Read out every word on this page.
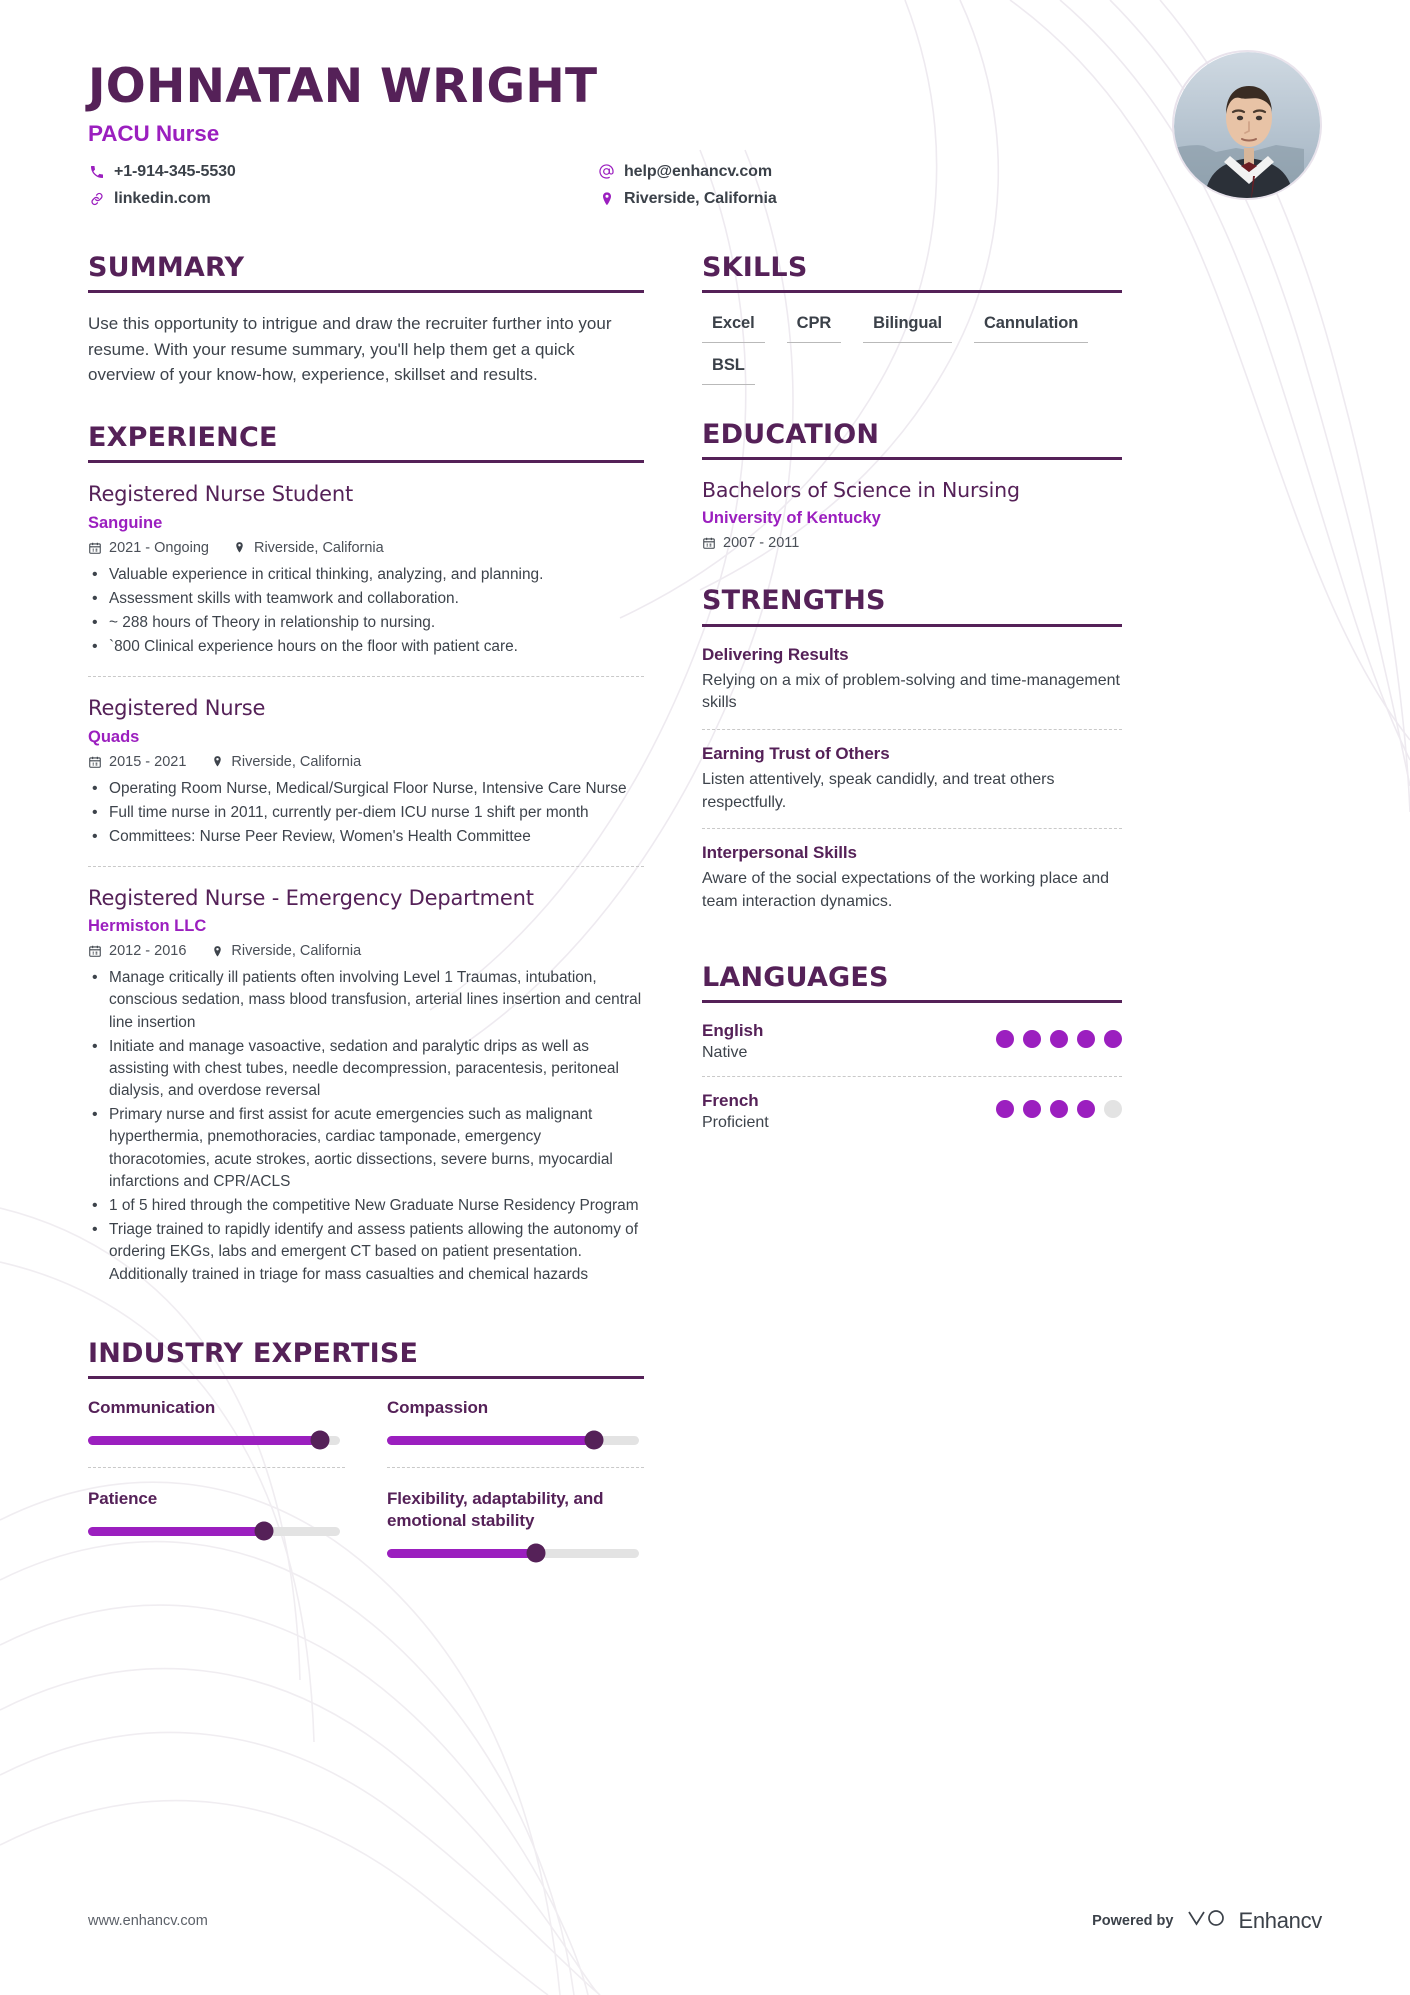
JOHNATAN WRIGHT
PACU Nurse
+1-914-345-5530	help@enhancv.com
linkedin.com	Riverside, California
SUMMARY
Use this opportunity to intrigue and draw the recruiter further into your resume. With your resume summary, you'll help them get a quick overview of your know-how, experience, skillset and results.
EXPERIENCE
Registered Nurse Student
Sanguine
2021 - Ongoing	Riverside, California
• Valuable experience in critical thinking, analyzing, and planning.
• Assessment skills with teamwork and collaboration.
• ~ 288 hours of Theory in relationship to nursing.
• `800 Clinical experience hours on the floor with patient care.
Registered Nurse
Quads
2015 - 2021	Riverside, California
• Operating Room Nurse, Medical/Surgical Floor Nurse, Intensive Care Nurse
• Full time nurse in 2011, currently per-diem ICU nurse 1 shift per month
• Committees: Nurse Peer Review, Women's Health Committee
Registered Nurse - Emergency Department
Hermiston LLC
2012 - 2016	Riverside, California
• Manage critically ill patients often involving Level 1 Traumas, intubation, conscious sedation, mass blood transfusion, arterial lines insertion and central line insertion
• Initiate and manage vasoactive, sedation and paralytic drips as well as assisting with chest tubes, needle decompression, paracentesis, peritoneal dialysis, and overdose reversal
• Primary nurse and first assist for acute emergencies such as malignant hyperthermia, pnemothoracies, cardiac tamponade, emergency thoracotomies, acute strokes, aortic dissections, severe burns, myocardial infarctions and CPR/ACLS
• 1 of 5 hired through the competitive New Graduate Nurse Residency Program
• Triage trained to rapidly identify and assess patients allowing the autonomy of ordering EKGs, labs and emergent CT based on patient presentation. Additionally trained in triage for mass casualties and chemical hazards
INDUSTRY EXPERTISE
Communication	Compassion
Patience	Flexibility, adaptability, and emotional stability
SKILLS
Excel	CPR	Bilingual	Cannulation
BSL
EDUCATION
Bachelors of Science in Nursing
University of Kentucky
2007 - 2011
STRENGTHS
Delivering Results
Relying on a mix of problem-solving and time-management skills
Earning Trust of Others
Listen attentively, speak candidly, and treat others respectfully.
Interpersonal Skills
Aware of the social expectations of the working place and team interaction dynamics.
LANGUAGES
English
Native
French
Proficient
www.enhancv.com	Powered by	Enhancv
